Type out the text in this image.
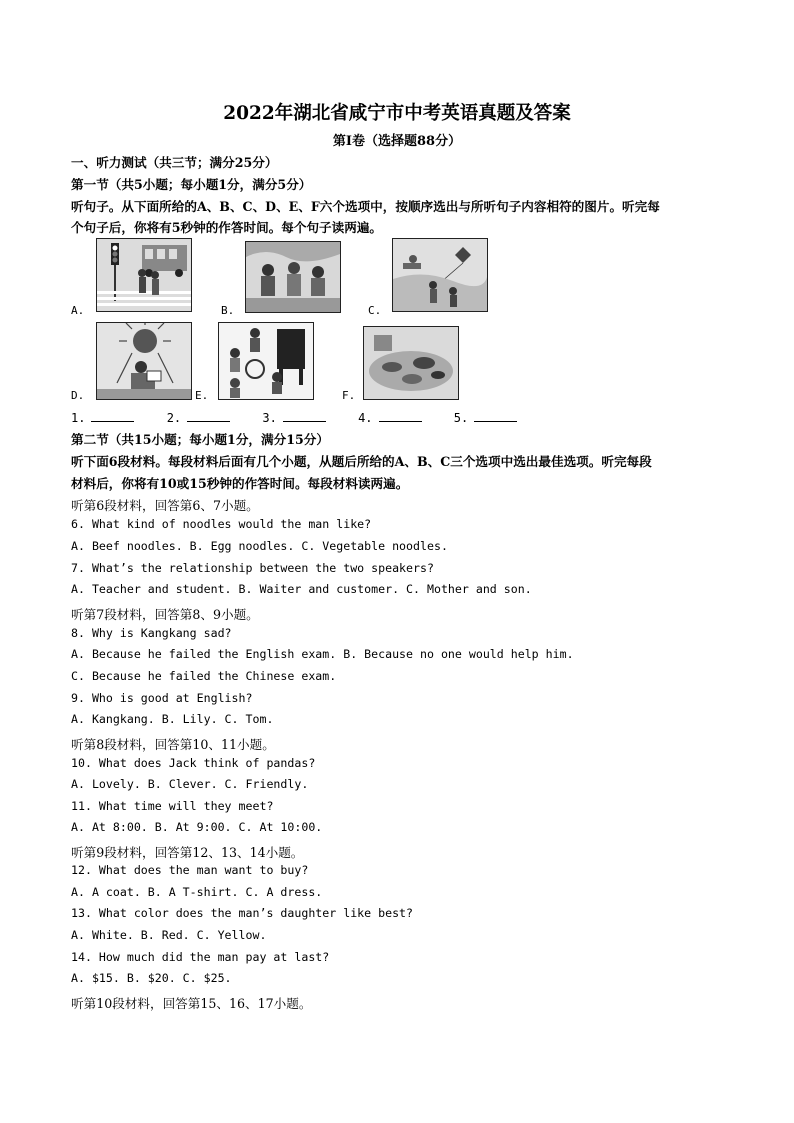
2022年湖北省咸宁市中考英语真题及答案
第Ⅰ卷（选择题88分）
一、听力测试（共三节；满分25分）
第一节（共5小题；每小题1分，满分5分）
听句子。从下面所给的A、B、C、D、E、F六个选项中，按顺序选出与所听句子内容相符的图片。听完每
个句子后，你将有5秒钟的作答时间。每个句子读两遍。
A.	B.	C.
D.	E.	F.
1.	2.	3.	4.	5.
第二节（共15小题；每小题1分，满分15分）
听下面6段材料。每段材料后面有几个小题，从题后所给的A、B、C三个选项中选出最佳选项。听完每段
材料后，你将有10或15秒钟的作答时间。每段材料读两遍。
听第6段材料，回答第6、7小题。
6. What kind of noodles would the man like?
A. Beef noodles. B. Egg noodles. C. Vegetable noodles.
7. What’s the relationship between the two speakers?
A. Teacher and student. B. Waiter and customer. C. Mother and son.
听第7段材料，回答第8、9小题。
8. Why is Kangkang sad?
A. Because he failed the English exam. B. Because no one would help him.
C. Because he failed the Chinese exam.
9. Who is good at English?
A. Kangkang. B. Lily. C. Tom.
听第8段材料，回答第10、11小题。
10. What does Jack think of pandas?
A. Lovely. B. Clever. C. Friendly.
11. What time will they meet?
A. At 8:00. B. At 9:00. C. At 10:00.
听第9段材料，回答第12、13、14小题。
12. What does the man want to buy?
A. A coat. B. A T-shirt. C. A dress.
13. What color does the man’s daughter like best?
A. White. B. Red. C. Yellow.
14. How much did the man pay at last?
A. $15. B. $20. C. $25.
听第10段材料，回答第15、16、17小题。
